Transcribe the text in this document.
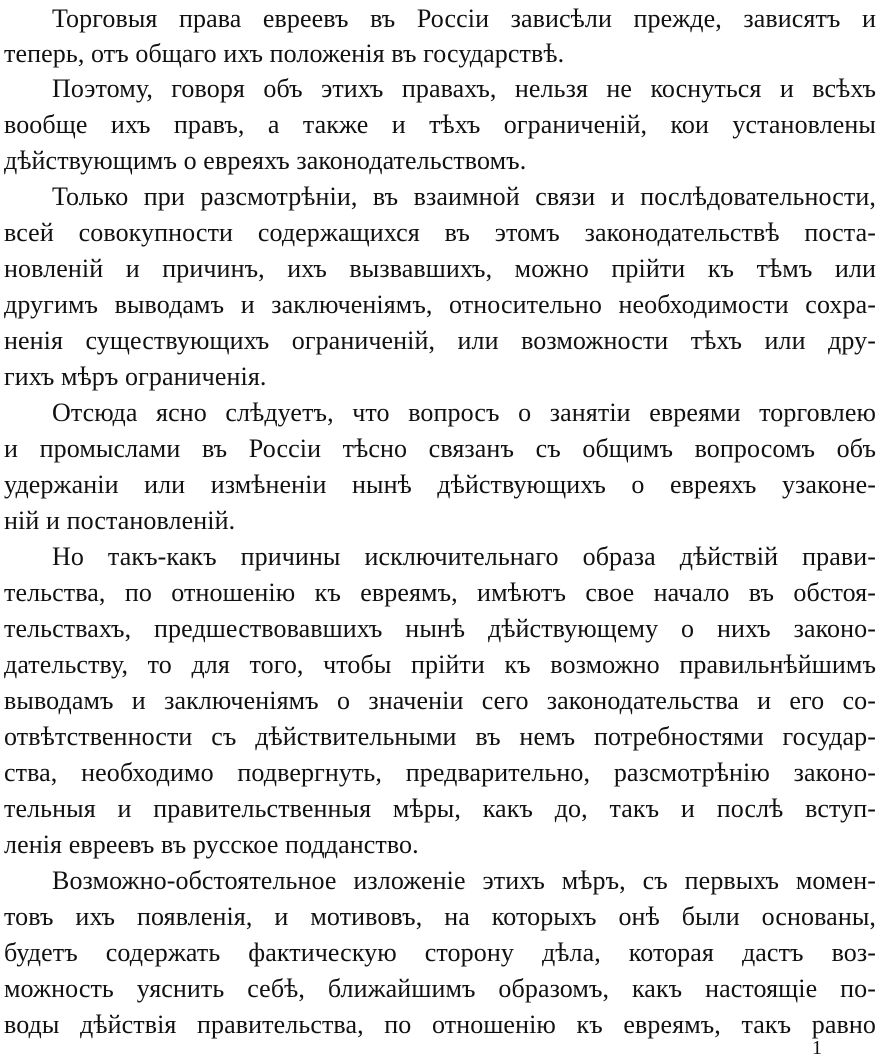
Торговыя права евреевъ въ Россіи зависѣли прежде, зависятъ и
теперь, отъ общаго ихъ положенія въ государствѣ.
Поэтому, говоря объ этихъ правахъ, нельзя не коснуться и всѣхъ
вообще ихъ правъ, а также и тѣхъ ограниченій, кои установлены
дѣйствующимъ о евреяхъ законодательствомъ.
Только при разсмотрѣніи, въ взаимной связи и послѣдовательности,
всей совокупности содержащихся въ этомъ законодательствѣ поста-
новленій и причинъ, ихъ вызвавшихъ, можно прійти къ тѣмъ или
другимъ выводамъ и заключеніямъ, относительно необходимости сохра-
ненія существующихъ ограниченій, или возможности тѣхъ или дру-
гихъ мѣръ ограниченія.
Отсюда ясно слѣдуетъ, что вопросъ о занятіи евреями торговлею
и промыслами въ Россіи тѣсно связанъ съ общимъ вопросомъ объ
удержаніи или измѣненіи нынѣ дѣйствующихъ о евреяхъ узаконе-
ній и постановленій.
Но такъ-какъ причины исключительнаго образа дѣйствій прави-
тельства, по отношенію къ евреямъ, имѣютъ свое начало въ обстоя-
тельствахъ, предшествовавшихъ нынѣ дѣйствующему о нихъ законо-
дательству, то для того, чтобы прійти къ возможно правильнѣйшимъ
выводамъ и заключеніямъ о значеніи сего законодательства и его со-
отвѣтственности съ дѣйствительными въ немъ потребностями государ-
ства, необходимо подвергнуть, предварительно, разсмотрѣнію законо-
тельныя и правительственныя мѣры, какъ до, такъ и послѣ вступ-
ленія евреевъ въ русское подданство.
Возможно-обстоятельное изложеніе этихъ мѣръ, съ первыхъ момен-
товъ ихъ появленія, и мотивовъ, на которыхъ онѣ были основаны,
будетъ содержать фактическую сторону дѣла, которая дастъ воз-
можность уяснить себѣ, ближайшимъ образомъ, какъ настоящіе по-
воды дѣйствія правительства, по отношенію къ евреямъ, такъ равно
1
